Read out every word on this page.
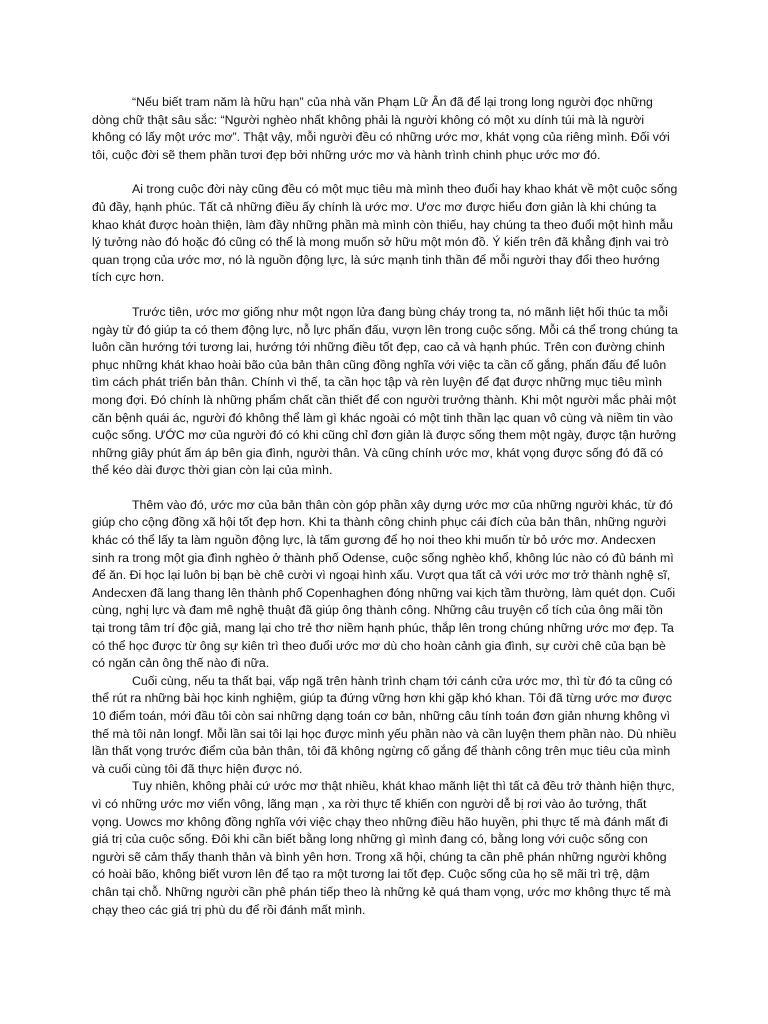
“Nếu biết tram năm là hữu hạn” của nhà văn Phạm Lữ Ân đã để lại trong long người đọc những dòng chữ thật sâu sắc: “Người nghèo nhất không phải là người không có một xu dính túi mà là người không có lấy một ước mơ”. Thật vậy, mỗi người đều có những ước mơ, khát vọng của riêng mình. Đối với tôi, cuộc đời sẽ them phần tươi đẹp bởi những ước mơ và hành trình chinh phục ước mơ đó.

Ai trong cuộc đời này cũng đều có một mục tiêu mà mình theo đuổi hay khao khát về một cuộc sống đủ đầy, hạnh phúc. Tất cả những điều ấy chính là ước mơ. Ươc mơ được hiểu đơn giản là khi chúng ta khao khát được hoàn thiện, làm đầy những phần mà mình còn thiếu, hay chúng ta theo đuổi một hình mẫu lý tưởng nào đó hoặc đó cũng có thể là mong muốn sở hữu một món đồ. Ý kiến trên đã khẳng định vai trò quan trọng của ước mơ, nó là nguồn động lực, là sức mạnh tinh thần để mỗi người thay đổi theo hướng tích cực hơn.

Trước tiên, ước mơ giống như một ngọn lửa đang bùng cháy trong ta, nó mãnh liệt hối thúc ta mỗi ngày từ đó giúp ta có them động lực, nỗ lực phấn đấu, vượn lên trong cuộc sống. Mỗi cá thể trong chúng ta luôn cần hướng tới tương lai, hướng tới những điều tốt đẹp, cao cả và hạnh phúc. Trên con đường chinh phục những khát khao hoài bão của bản thân cũng đồng nghĩa với việc ta cần cố gắng, phấn đấu để luôn tìm cách phát triển bản thân. Chính vì thế, ta cần học tập và rèn luyện để đạt được những mục tiêu mình mong đợi. Đó chính là những phẩm chất cần thiết để con người trưởng thành. Khi một người mắc phải một căn bệnh quái ác, người đó không thể làm gì khác ngoài có một tinh thần lạc quan vô cùng và niềm tin vào cuộc sống. ƯỚC mơ của người đó có khi cũng chỉ đơn giản là được sống them một ngày, được tận hưởng những giây phút ấm áp bên gia đình, người thân. Và cũng chính ước mơ, khát vọng được sống đó đã có thể kéo dài được thời gian còn lại của mình.

Thêm vào đó, ước mơ của bản thân còn góp phần xây dựng ước mơ của những người khác, từ đó giúp cho cộng đồng xã hội tốt đẹp hơn. Khi ta thành công chinh phục cái đích của bản thân, những người khác có thể lấy ta làm nguồn động lực, là tấm gương để họ noi theo khi muốn từ bỏ ước mơ. Andecxen sinh ra trong một gia đình nghèo ở thành phố Odense, cuộc sống nghèo khổ, không lúc nào có đủ bánh mì để ăn. Đi học lại luôn bị bạn bè chê cười vì ngoại hình xấu. Vượt qua tất cả với ước mơ trở thành nghệ sĩ, Andecxen đã lang thang lên thành phố Copenhaghen đóng những vai kịch tầm thường, làm quét dọn. Cuối cùng, nghị lực và đam mê nghệ thuật đã giúp ông thành công. Những câu truyện cổ tích của ông mãi tồn tại trong tâm trí độc giả, mang lại cho trẻ thơ niềm hạnh phúc, thắp lên trong chúng những ước mơ đẹp. Ta có thể học được từ ông sự kiên trì theo đuổi ước mơ dù cho hoàn cảnh gia đình, sự cười chê của bạn bè có ngăn cản ông thế nào đi nữa.

Cuối cùng, nếu ta thất bại, vấp ngã trên hành trình chạm tới cánh cửa ước mơ, thì từ đó ta cũng có thể rút ra những bài học kinh nghiệm, giúp ta đứng vững hơn khi gặp khó khan. Tôi đã từng ước mơ được 10 điểm toán, mới đầu tôi còn sai những dạng toán cơ bản, những câu tính toán đơn giản nhưng không vì thế mà tôi nản longf. Mỗi lần sai tôi lại học được mình yếu phần nào và cần luyện them phần nào. Dù nhiều lần thất vọng trước điểm của bản thân, tôi đã không ngừng cố gắng để thành công trên mục tiêu của mình và cuối cùng tôi đã thực hiện được nó.

Tuy nhiên, không phải cứ ước mơ thật nhiều, khát khao mãnh liệt thì tất cả đều trở thành hiện thực, vì có những ước mơ viển vông, lãng mạn , xa rời thực tế khiến con người dễ bị rơi vào ảo tưởng, thất vọng. Uowcs mơ không đồng nghĩa với việc chạy theo những điều hão huyền, phi thực tế mà đánh mất đi giá trị của cuộc sống. Đôi khi cần biết bằng long những gì mình đang có, bằng long với cuộc sống con người sẽ cảm thấy thanh thản và bình yên hơn. Trong xã hội, chúng ta cần phê phán những người không có hoài bão, không biết vươn lên để tạo ra một tương lai tốt đẹp. Cuộc sống của họ sẽ mãi trì trệ, dậm chân tại chỗ. Những người cần phê phán tiếp theo là những kẻ quá tham vọng, ước mơ không thực tế mà chạy theo các giá trị phù du để rồi đánh mất mình.
